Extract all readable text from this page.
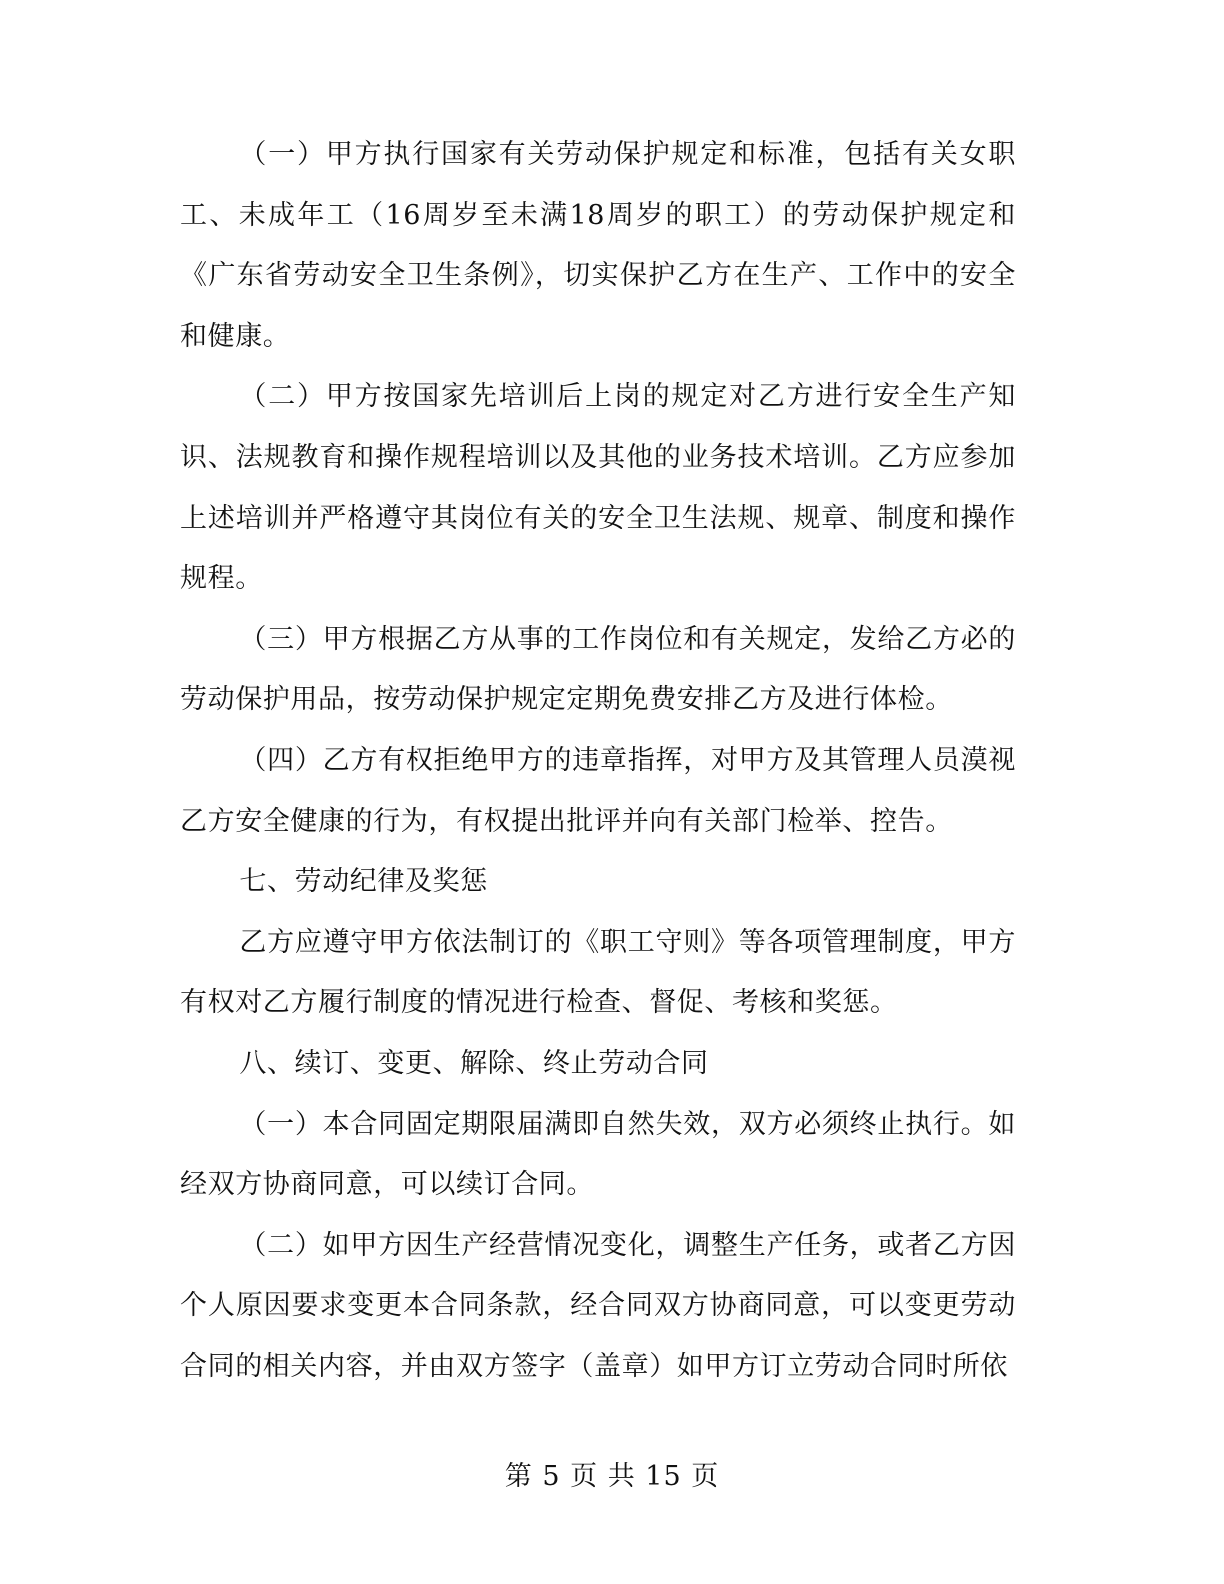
（一）甲方执行国家有关劳动保护规定和标准，包括有关女职工、未成年工（16周岁至未满18周岁的职工）的劳动保护规定和《广东省劳动安全卫生条例》，切实保护乙方在生产、工作中的安全和健康。

（二）甲方按国家先培训后上岗的规定对乙方进行安全生产知识、法规教育和操作规程培训以及其他的业务技术培训。乙方应参加上述培训并严格遵守其岗位有关的安全卫生法规、规章、制度和操作规程。

（三）甲方根据乙方从事的工作岗位和有关规定，发给乙方必的劳动保护用品，按劳动保护规定定期免费安排乙方及进行体检。

（四）乙方有权拒绝甲方的违章指挥，对甲方及其管理人员漠视乙方安全健康的行为，有权提出批评并向有关部门检举、控告。

七、劳动纪律及奖惩

乙方应遵守甲方依法制订的《职工守则》等各项管理制度，甲方有权对乙方履行制度的情况进行检查、督促、考核和奖惩。

八、续订、变更、解除、终止劳动合同

（一）本合同固定期限届满即自然失效，双方必须终止执行。如经双方协商同意，可以续订合同。

（二）如甲方因生产经营情况变化，调整生产任务，或者乙方因个人原因要求变更本合同条款，经合同双方协商同意，可以变更劳动合同的相关内容，并由双方签字（盖章）如甲方订立劳动合同时所依

第 5 页 共 15 页
